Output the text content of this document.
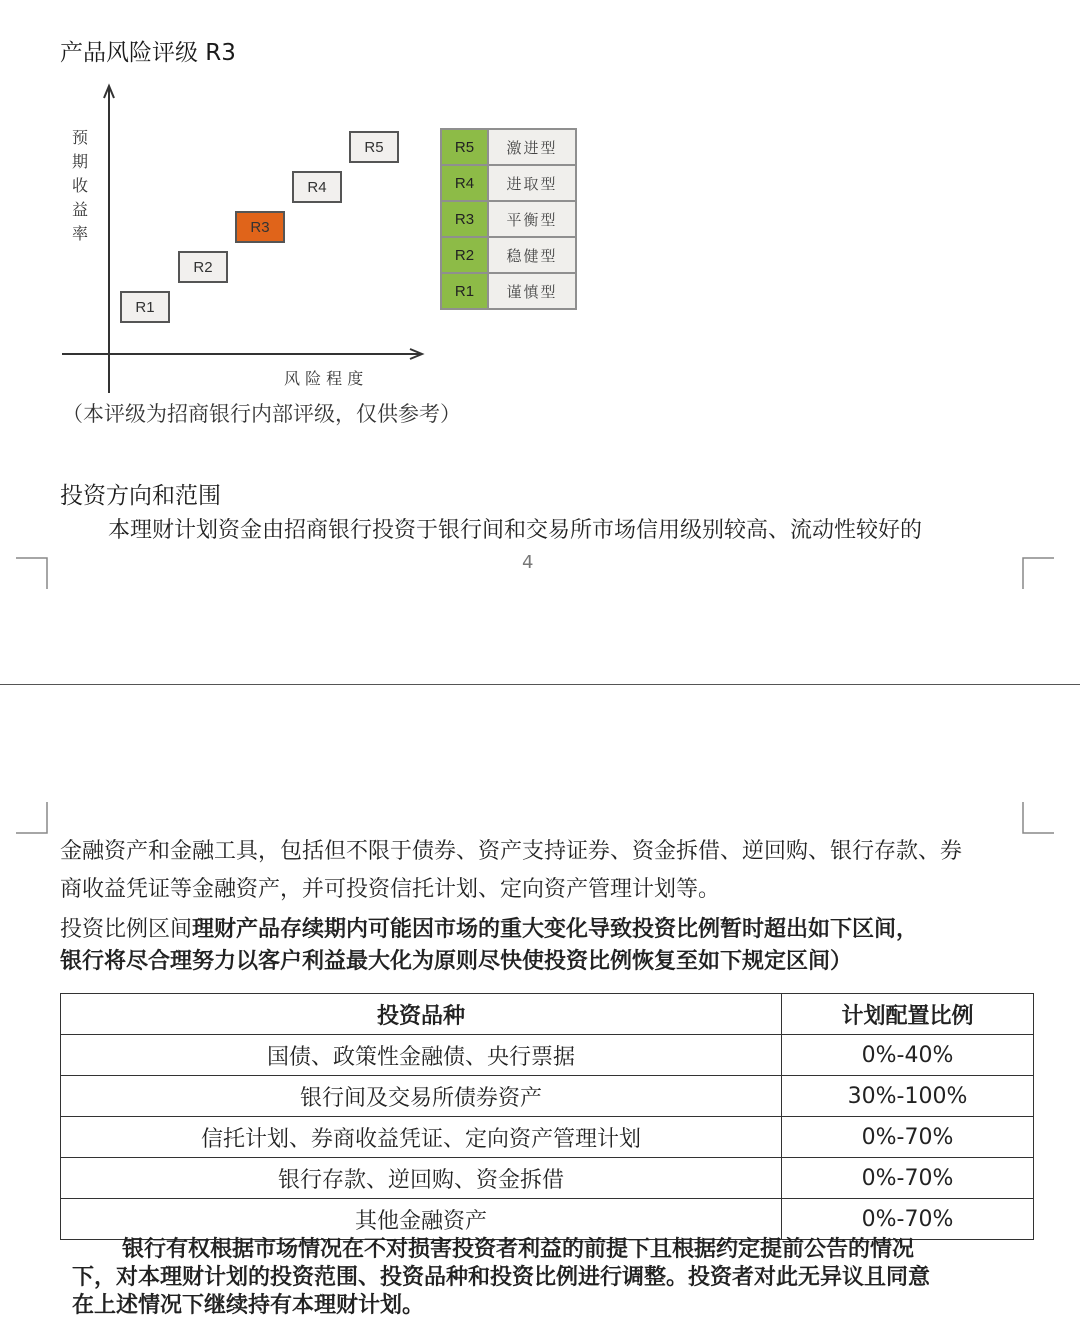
产品风险评级 R3
预
期
收
益
率
R1
R2
R3
R4
R5
风 险 程 度
R5	激进型
R4	进取型
R3	平衡型
R2	稳健型
R1	谨慎型
（本评级为招商银行内部评级，仅供参考）
投资方向和范围
本理财计划资金由招商银行投资于银行间和交易所市场信用级别较高、流动性较好的
4
金融资产和金融工具，包括但不限于债券、资产支持证券、资金拆借、逆回购、银行存款、券
商收益凭证等金融资产，并可投资信托计划、定向资产管理计划等。
投资比例区间理财产品存续期内可能因市场的重大变化导致投资比例暂时超出如下区间，
银行将尽合理努力以客户利益最大化为原则尽快使投资比例恢复至如下规定区间）
投资品种	计划配置比例
国债、政策性金融债、央行票据	0%-40%
银行间及交易所债券资产	30%-100%
信托计划、券商收益凭证、定向资产管理计划	0%-70%
银行存款、逆回购、资金拆借	0%-70%
其他金融资产	0%-70%
银行有权根据市场情况在不对损害投资者利益的前提下且根据约定提前公告的情况
下，对本理财计划的投资范围、投资品种和投资比例进行调整。投资者对此无异议且同意
在上述情况下继续持有本理财计划。
